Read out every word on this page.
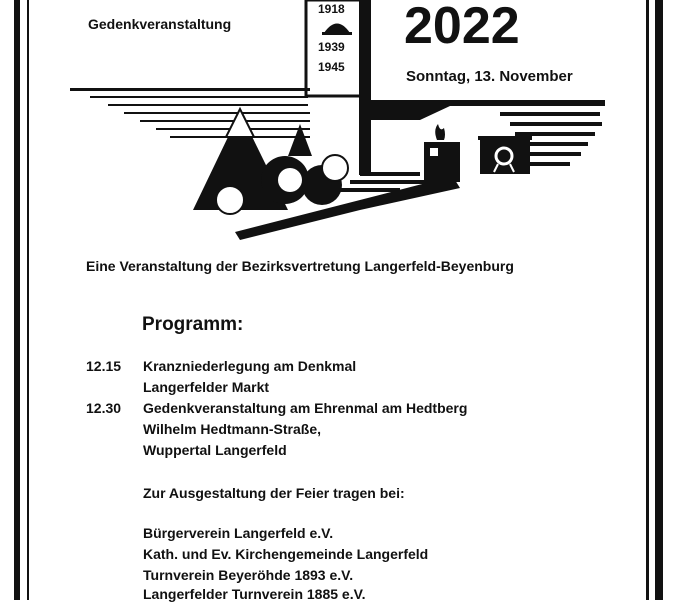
1918
1939
1945
Gedenkveranstaltung	2022
Sonntag, 13. November
Eine Veranstaltung der Bezirksvertretung Langerfeld-Beyenburg
Programm:
12.15 Kranzniederlegung am Denkmal
Langerfelder Markt
12.30 Gedenkveranstaltung am Ehrenmal am Hedtberg
Wilhelm Hedtmann-Straße,
Wuppertal Langerfeld
Zur Ausgestaltung der Feier tragen bei:
Bürgerverein Langerfeld e.V.
Kath. und Ev. Kirchengemeinde Langerfeld
Turnverein Beyeröhde 1893 e.V.
Langerfelder Turnverein 1885 e.V.
